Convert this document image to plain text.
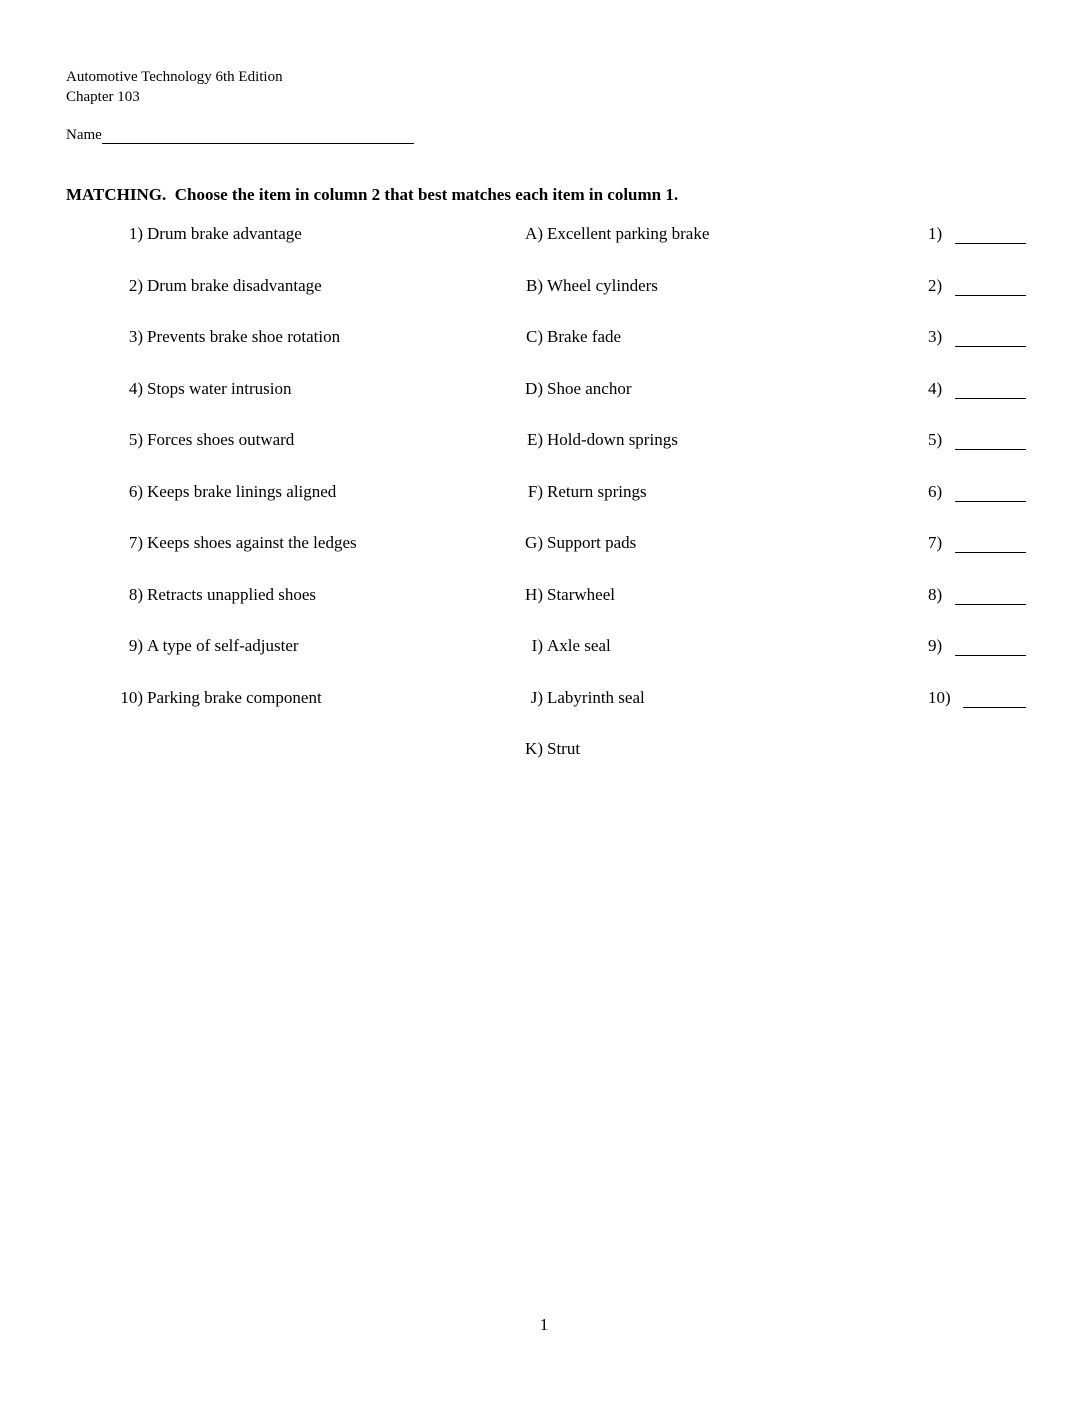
Automotive Technology 6th Edition
Chapter 103
Name
MATCHING.  Choose the item in column 2 that best matches each item in column 1.
1) Drum brake advantage
2) Drum brake disadvantage
3) Prevents brake shoe rotation
4) Stops water intrusion
5) Forces shoes outward
6) Keeps brake linings aligned
7) Keeps shoes against the ledges
8) Retracts unapplied shoes
9) A type of self-adjuster
10) Parking brake component
A) Excellent parking brake
B) Wheel cylinders
C) Brake fade
D) Shoe anchor
E) Hold-down springs
F) Return springs
G) Support pads
H) Starwheel
I) Axle seal
J) Labyrinth seal
K) Strut
1)
2)
3)
4)
5)
6)
7)
8)
9)
10)
1
